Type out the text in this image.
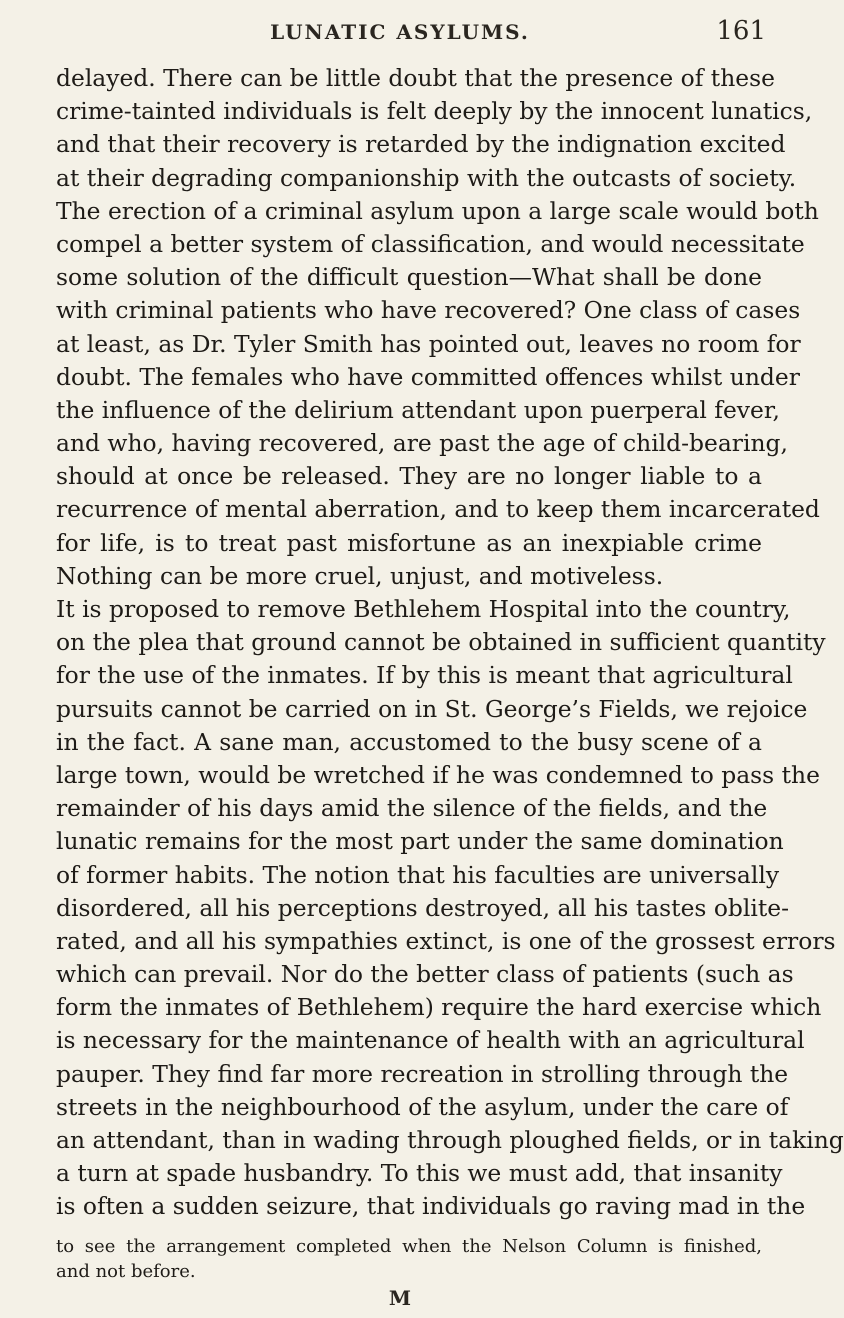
LUNATIC ASYLUMS.	161
delayed. There can be little doubt that the presence of these
crime-tainted individuals is felt deeply by the innocent lunatics,
and that their recovery is retarded by the indignation excited
at their degrading companionship with the outcasts of society.
The erection of a criminal asylum upon a large scale would both
compel a better system of classification, and would necessitate
some solution of the difficult question—What shall be done
with criminal patients who have recovered? One class of cases
at least, as Dr. Tyler Smith has pointed out, leaves no room for
doubt. The females who have committed offences whilst under
the influence of the delirium attendant upon puerperal fever,
and who, having recovered, are past the age of child-bearing,
should at once be released. They are no longer liable to a
recurrence of mental aberration, and to keep them incarcerated
for life, is to treat past misfortune as an inexpiable crime
Nothing can be more cruel, unjust, and motiveless.
It is proposed to remove Bethlehem Hospital into the country,
on the plea that ground cannot be obtained in sufficient quantity
for the use of the inmates. If by this is meant that agricultural
pursuits cannot be carried on in St. George’s Fields, we rejoice
in the fact. A sane man, accustomed to the busy scene of a
large town, would be wretched if he was condemned to pass the
remainder of his days amid the silence of the fields, and the
lunatic remains for the most part under the same domination
of former habits. The notion that his faculties are universally
disordered, all his perceptions destroyed, all his tastes oblite-
rated, and all his sympathies extinct, is one of the grossest errors
which can prevail. Nor do the better class of patients (such as
form the inmates of Bethlehem) require the hard exercise which
is necessary for the maintenance of health with an agricultural
pauper. They find far more recreation in strolling through the
streets in the neighbourhood of the asylum, under the care of
an attendant, than in wading through ploughed fields, or in taking
a turn at spade husbandry. To this we must add, that insanity
is often a sudden seizure, that individuals go raving mad in the
to see the arrangement completed when the Nelson Column is finished,
and not before.
M
